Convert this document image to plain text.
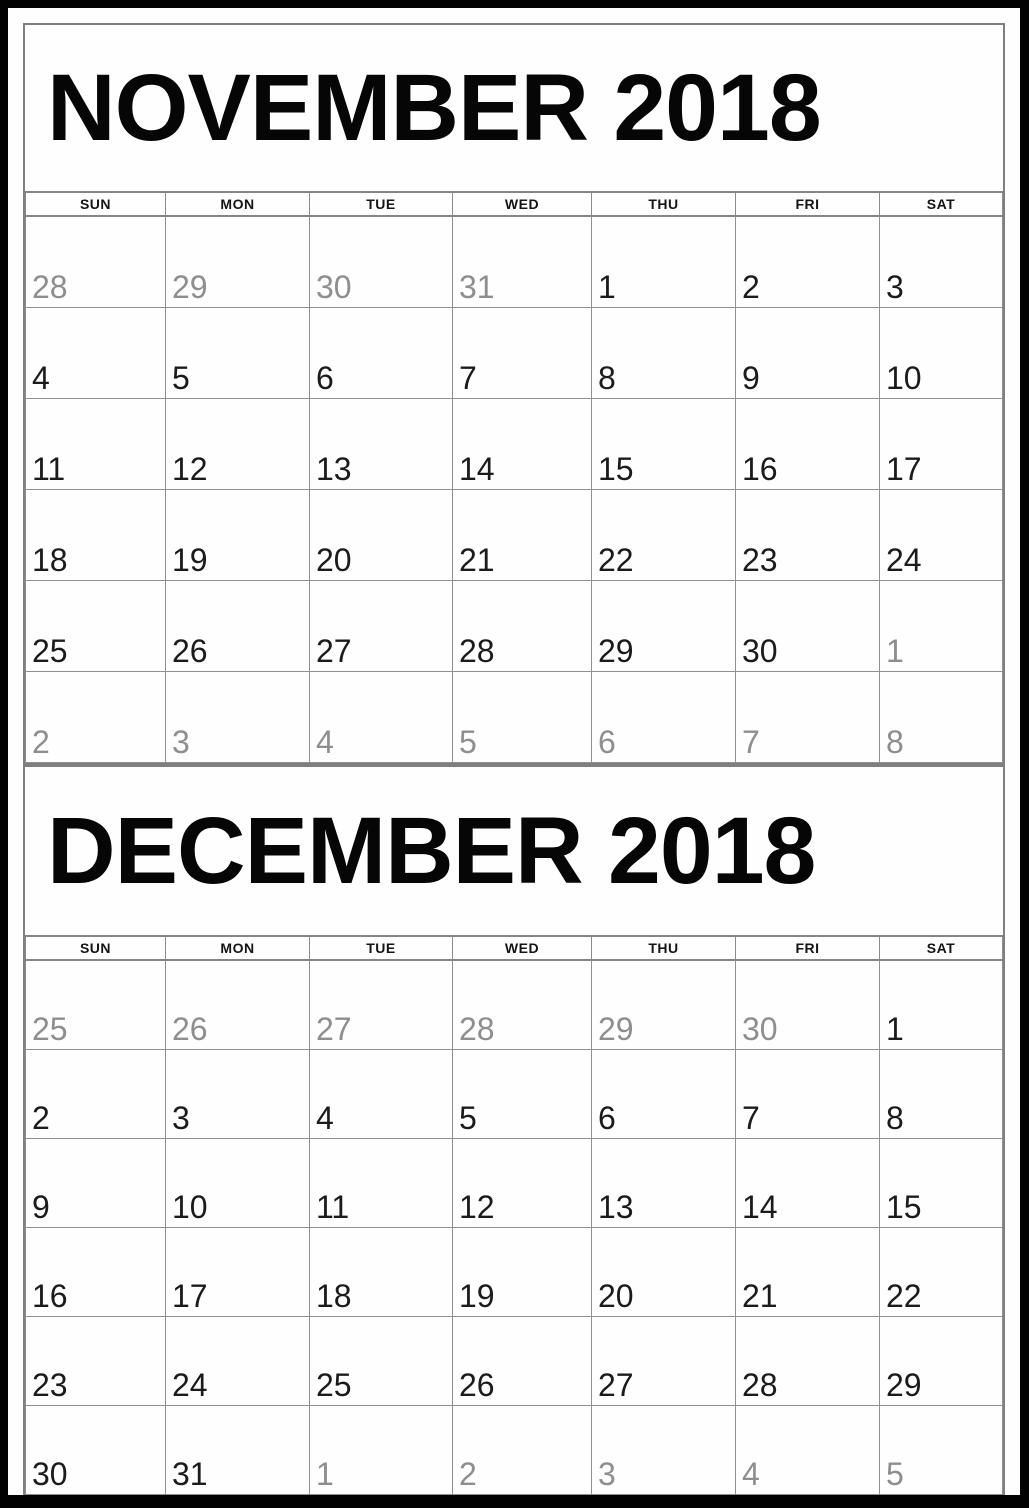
NOVEMBER 2018
SUN	MON	TUE	WED	THU	FRI	SAT
28	29	30	31	1	2	3
4	5	6	7	8	9	10
11	12	13	14	15	16	17
18	19	20	21	22	23	24
25	26	27	28	29	30	1
2	3	4	5	6	7	8
DECEMBER 2018
SUN	MON	TUE	WED	THU	FRI	SAT
25	26	27	28	29	30	1
2	3	4	5	6	7	8
9	10	11	12	13	14	15
16	17	18	19	20	21	22
23	24	25	26	27	28	29
30	31	1	2	3	4	5
